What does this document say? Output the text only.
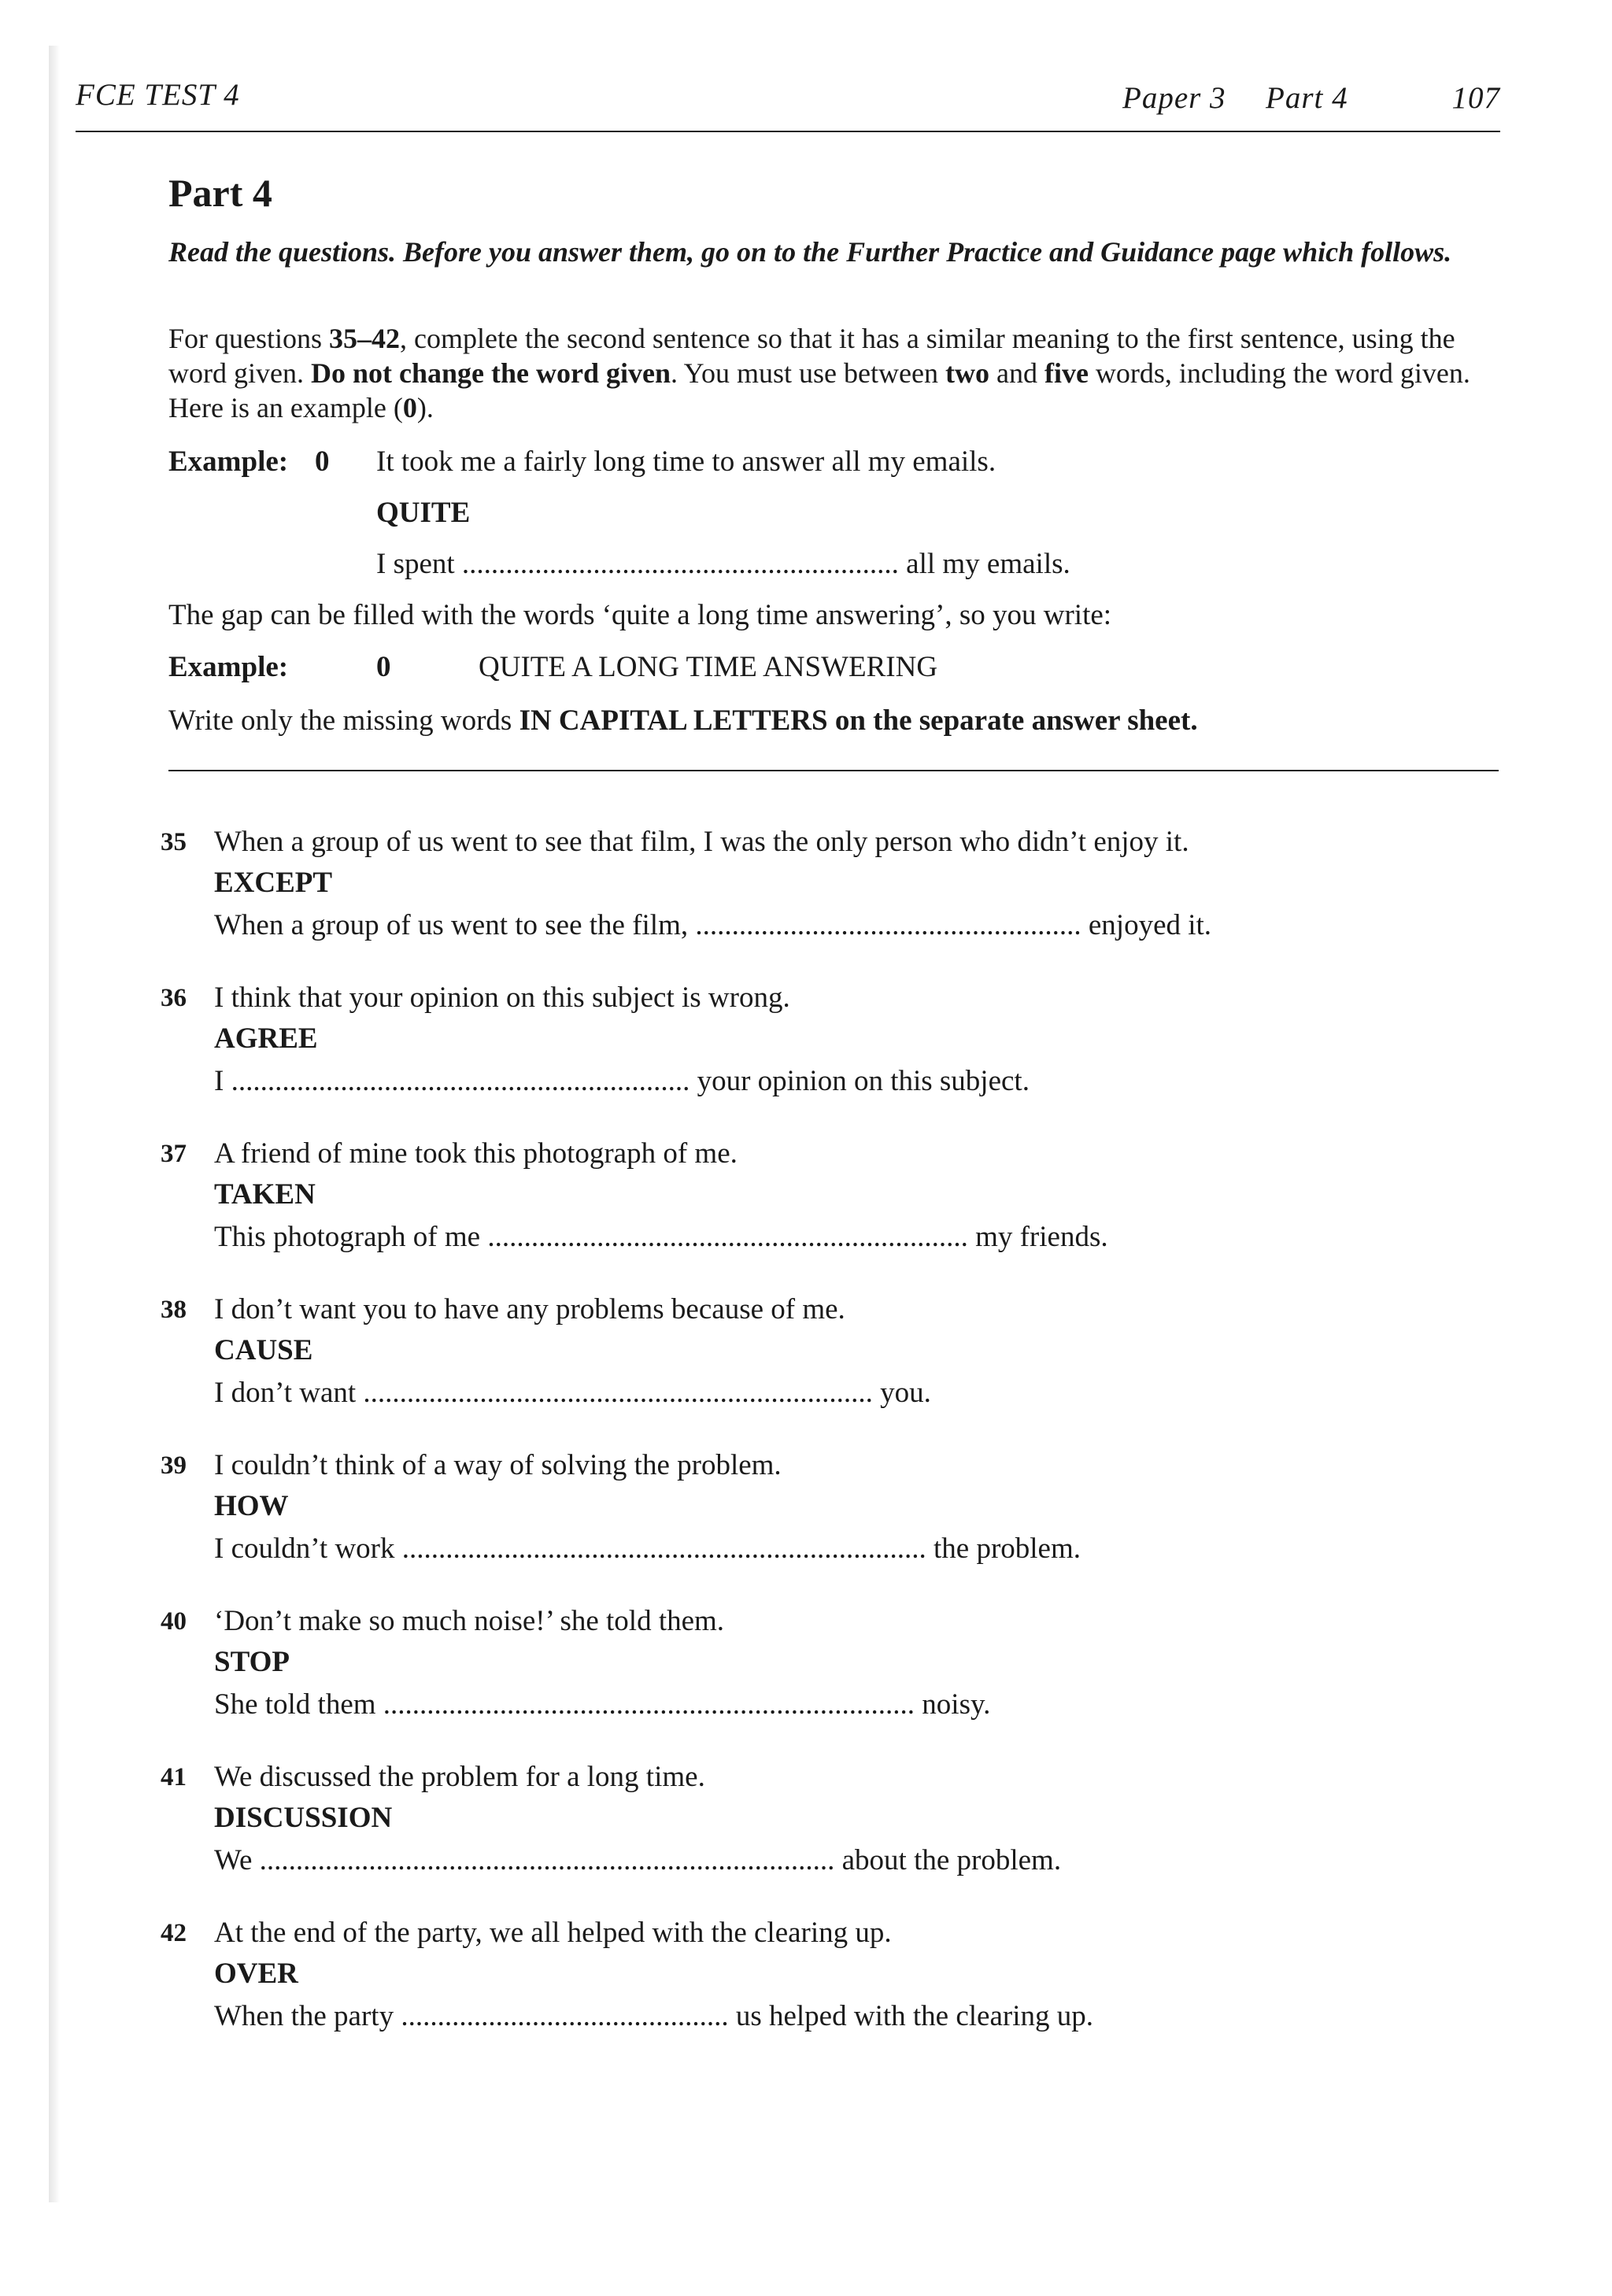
FCE TEST 4	Paper 3 Part 4	107
Part 4

Read the questions. Before you answer them, go on to the Further Practice and Guidance page which follows.

For questions 35–42, complete the second sentence so that it has a similar meaning to the first sentence, using the word given. Do not change the word given. You must use between two and five words, including the word given. Here is an example (0).

Example: 0 It took me a fairly long time to answer all my emails.
QUITE
I spent ............................................................ all my emails.
The gap can be filled with the words ‘quite a long time answering’, so you write:
Example:	0	QUITE A LONG TIME ANSWERING
Write only the missing words IN CAPITAL LETTERS on the separate answer sheet.
35 When a group of us went to see that film, I was the only person who didn’t enjoy it.
EXCEPT
When a group of us went to see the film, ..................................................... enjoyed it.
36 I think that your opinion on this subject is wrong.
AGREE
I ............................................................... your opinion on this subject.
37 A friend of mine took this photograph of me.
TAKEN
This photograph of me .................................................................. my friends.
38 I don’t want you to have any problems because of me.
CAUSE
I don’t want ...................................................................... you.
39 I couldn’t think of a way of solving the problem.
HOW
I couldn’t work ........................................................................ the problem.
40 ‘Don’t make so much noise!’ she told them.
STOP
She told them ......................................................................... noisy.
41 We discussed the problem for a long time.
DISCUSSION
We ............................................................................... about the problem.
42 At the end of the party, we all helped with the clearing up.
OVER
When the party ............................................. us helped with the clearing up.
